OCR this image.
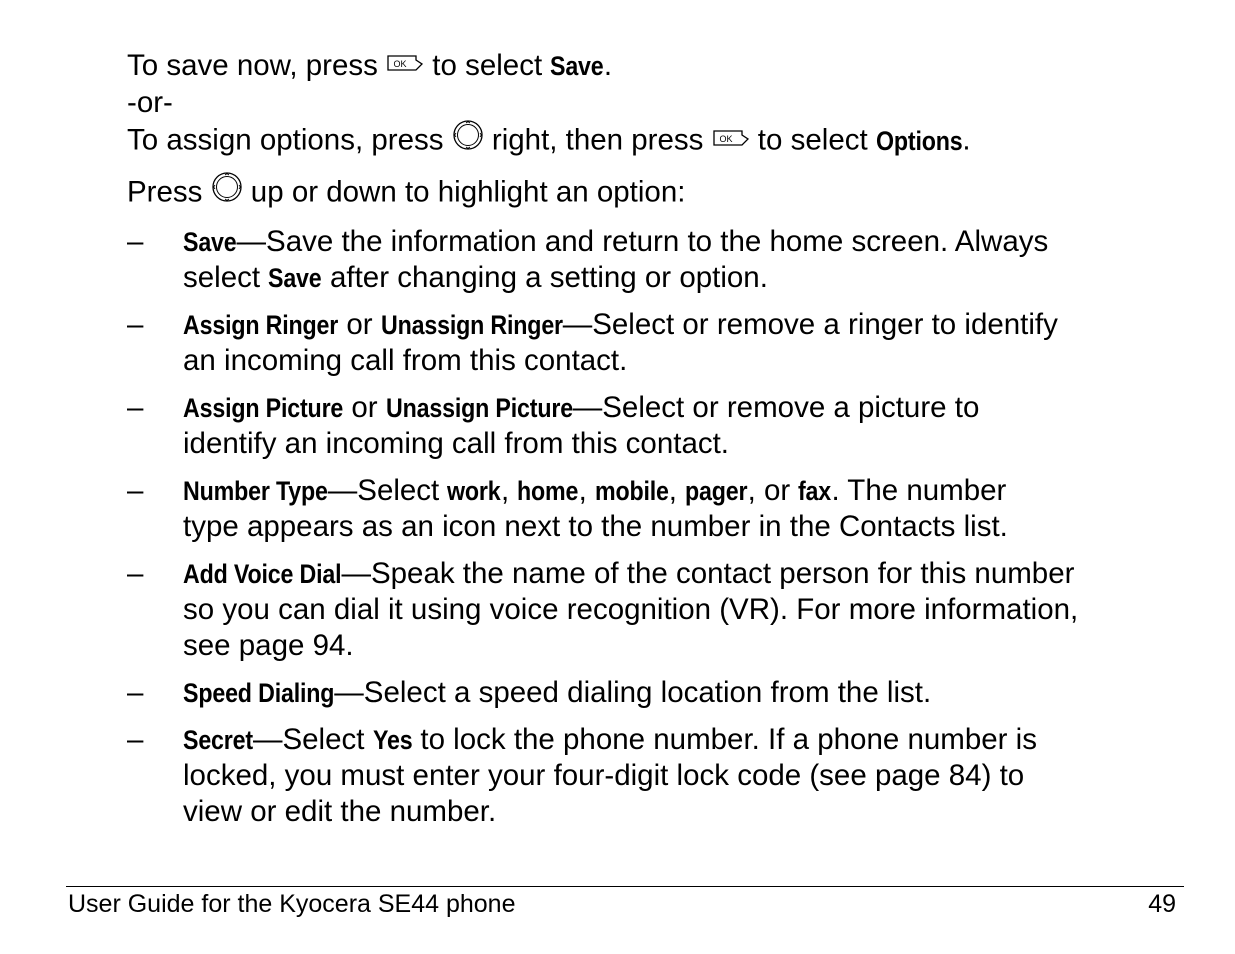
To save now, press OK to select Save.

-or-

To assign options, press  right, then press OK to select Options.

Press  up or down to highlight an option:

– Save—Save the information and return to the home screen. Always
select Save after changing a setting or option.
– Assign Ringer or Unassign Ringer—Select or remove a ringer to identify
an incoming call from this contact.
– Assign Picture or Unassign Picture—Select or remove a picture to
identify an incoming call from this contact.
– Number Type—Select work, home, mobile, pager, or fax. The number
type appears as an icon next to the number in the Contacts list.
– Add Voice Dial—Speak the name of the contact person for this number
so you can dial it using voice recognition (VR). For more information,
see page 94.
– Speed Dialing—Select a speed dialing location from the list.
– Secret—Select Yes to lock the phone number. If a phone number is
locked, you must enter your four-digit lock code (see page 84) to
view or edit the number.
User Guide for the Kyocera SE44 phone	49
